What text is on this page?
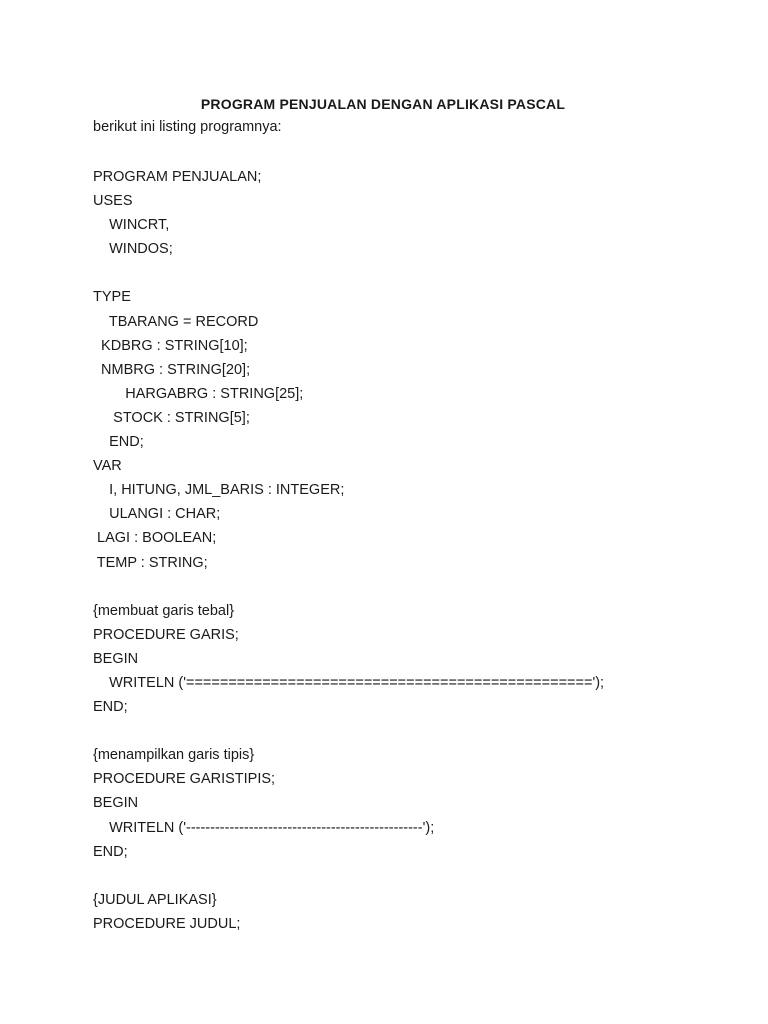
PROGRAM PENJUALAN DENGAN APLIKASI PASCAL
berikut ini listing programnya:
PROGRAM PENJUALAN;
USES
WINCRT,
WINDOS;
TYPE
TBARANG = RECORD
KDBRG : STRING[10];
NMBRG : STRING[20];
HARGABRG : STRING[25];
STOCK : STRING[5];
END;
VAR
I, HITUNG, JML_BARIS : INTEGER;
ULANGI : CHAR;
LAGI : BOOLEAN;
TEMP : STRING;
{membuat garis tebal}
PROCEDURE GARIS;
BEGIN
WRITELN ('================================================');
END;
{menampilkan garis tipis}
PROCEDURE GARISTIPIS;
BEGIN
WRITELN ('-------------------------------------------------');
END;
{JUDUL APLIKASI}
PROCEDURE JUDUL;
